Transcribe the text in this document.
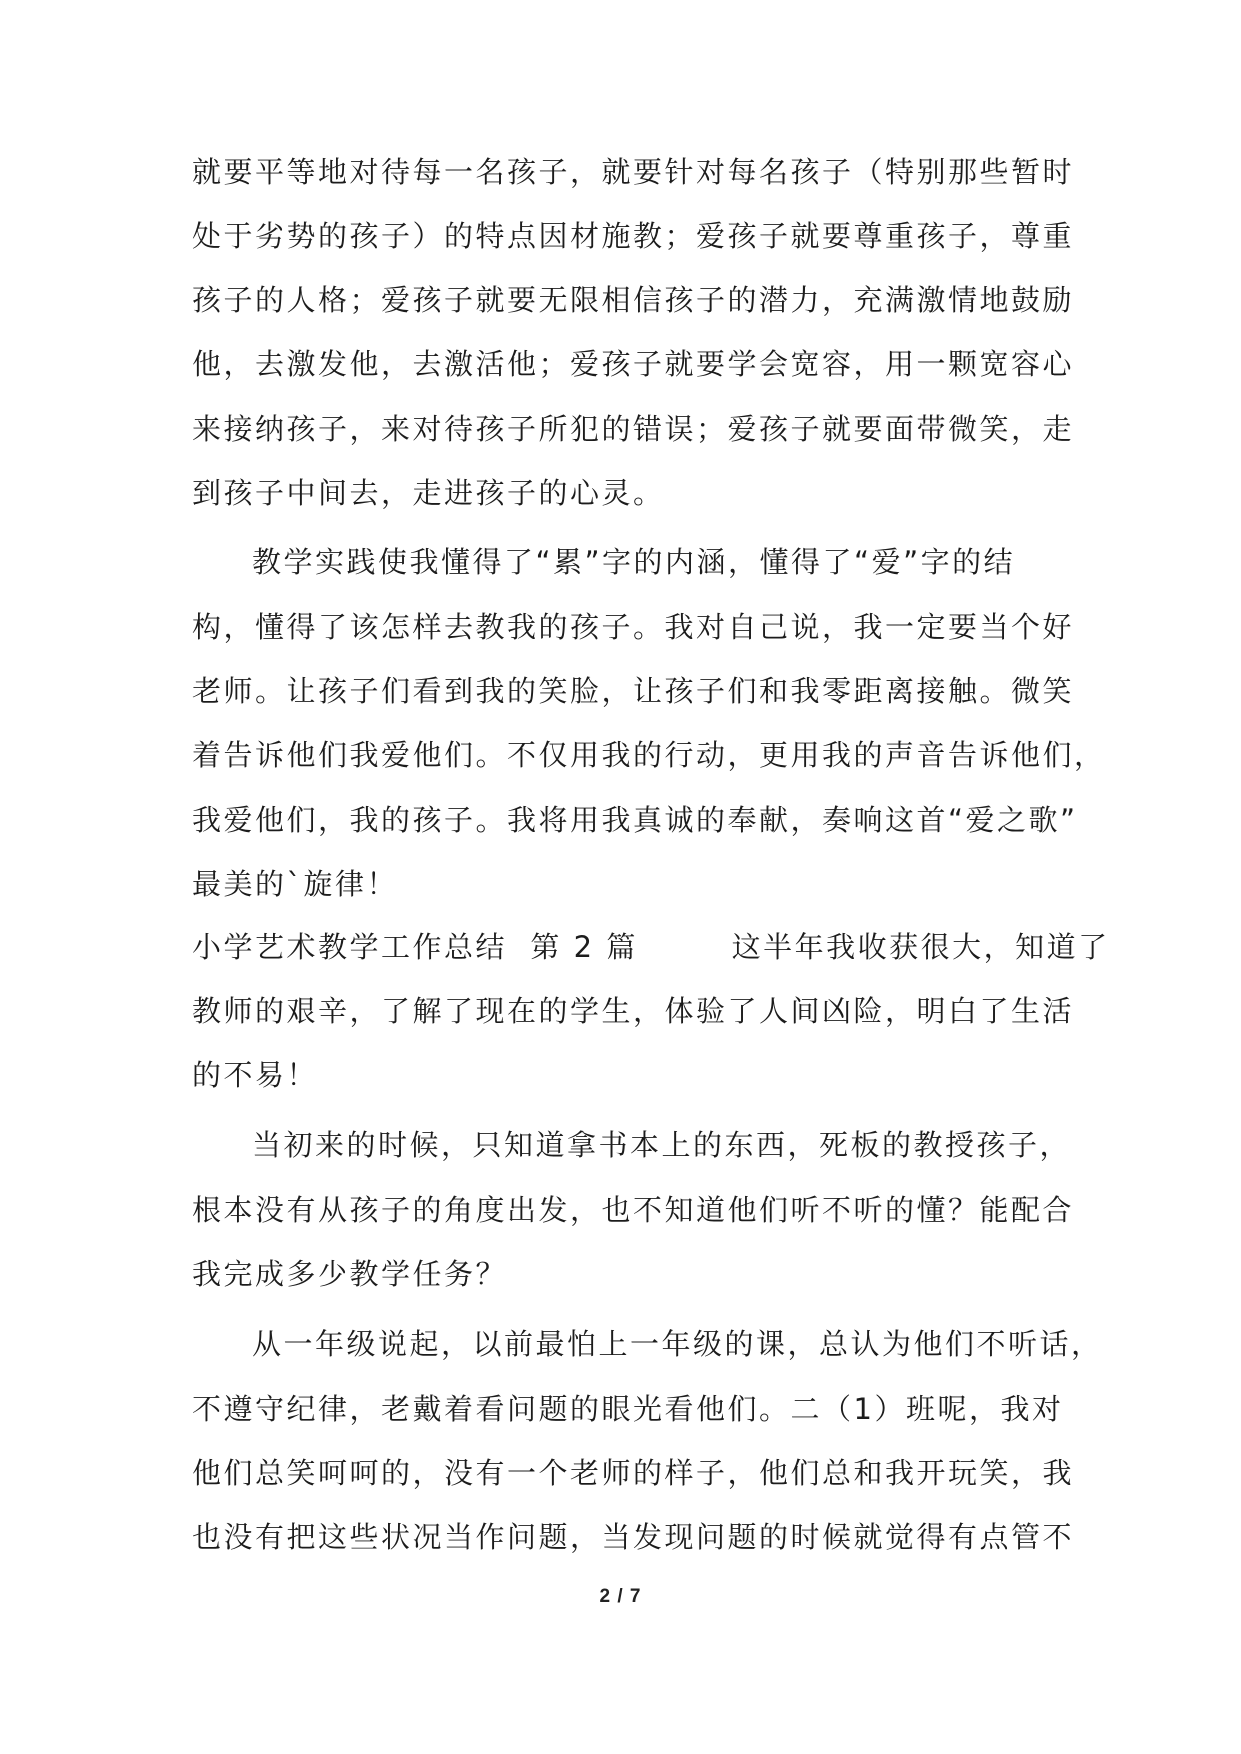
就要平等地对待每一名孩子，就要针对每名孩子（特别那些暂时
处于劣势的孩子）的特点因材施教；爱孩子就要尊重孩子，尊重
孩子的人格；爱孩子就要无限相信孩子的潜力，充满激情地鼓励
他，去激发他，去激活他；爱孩子就要学会宽容，用一颗宽容心
来接纳孩子，来对待孩子所犯的错误；爱孩子就要面带微笑，走
到孩子中间去，走进孩子的心灵。
教学实践使我懂得了“累”字的内涵，懂得了“爱”字的结
构，懂得了该怎样去教我的孩子。我对自己说，我一定要当个好
老师。让孩子们看到我的笑脸，让孩子们和我零距离接触。微笑
着告诉他们我爱他们。不仅用我的行动，更用我的声音告诉他们，
我爱他们，我的孩子。我将用我真诚的奉献，奏响这首“爱之歌”
最美的`旋律！
小学艺术教学工作总结  第 2 篇        这半年我收获很大，知道了
教师的艰辛，了解了现在的学生，体验了人间凶险，明白了生活
的不易！
当初来的时候，只知道拿书本上的东西，死板的教授孩子，
根本没有从孩子的角度出发，也不知道他们听不听的懂？能配合
我完成多少教学任务？
从一年级说起，以前最怕上一年级的课，总认为他们不听话，
不遵守纪律，老戴着看问题的眼光看他们。二（1）班呢，我对
他们总笑呵呵的，没有一个老师的样子，他们总和我开玩笑，我
也没有把这些状况当作问题，当发现问题的时候就觉得有点管不
2 / 7
